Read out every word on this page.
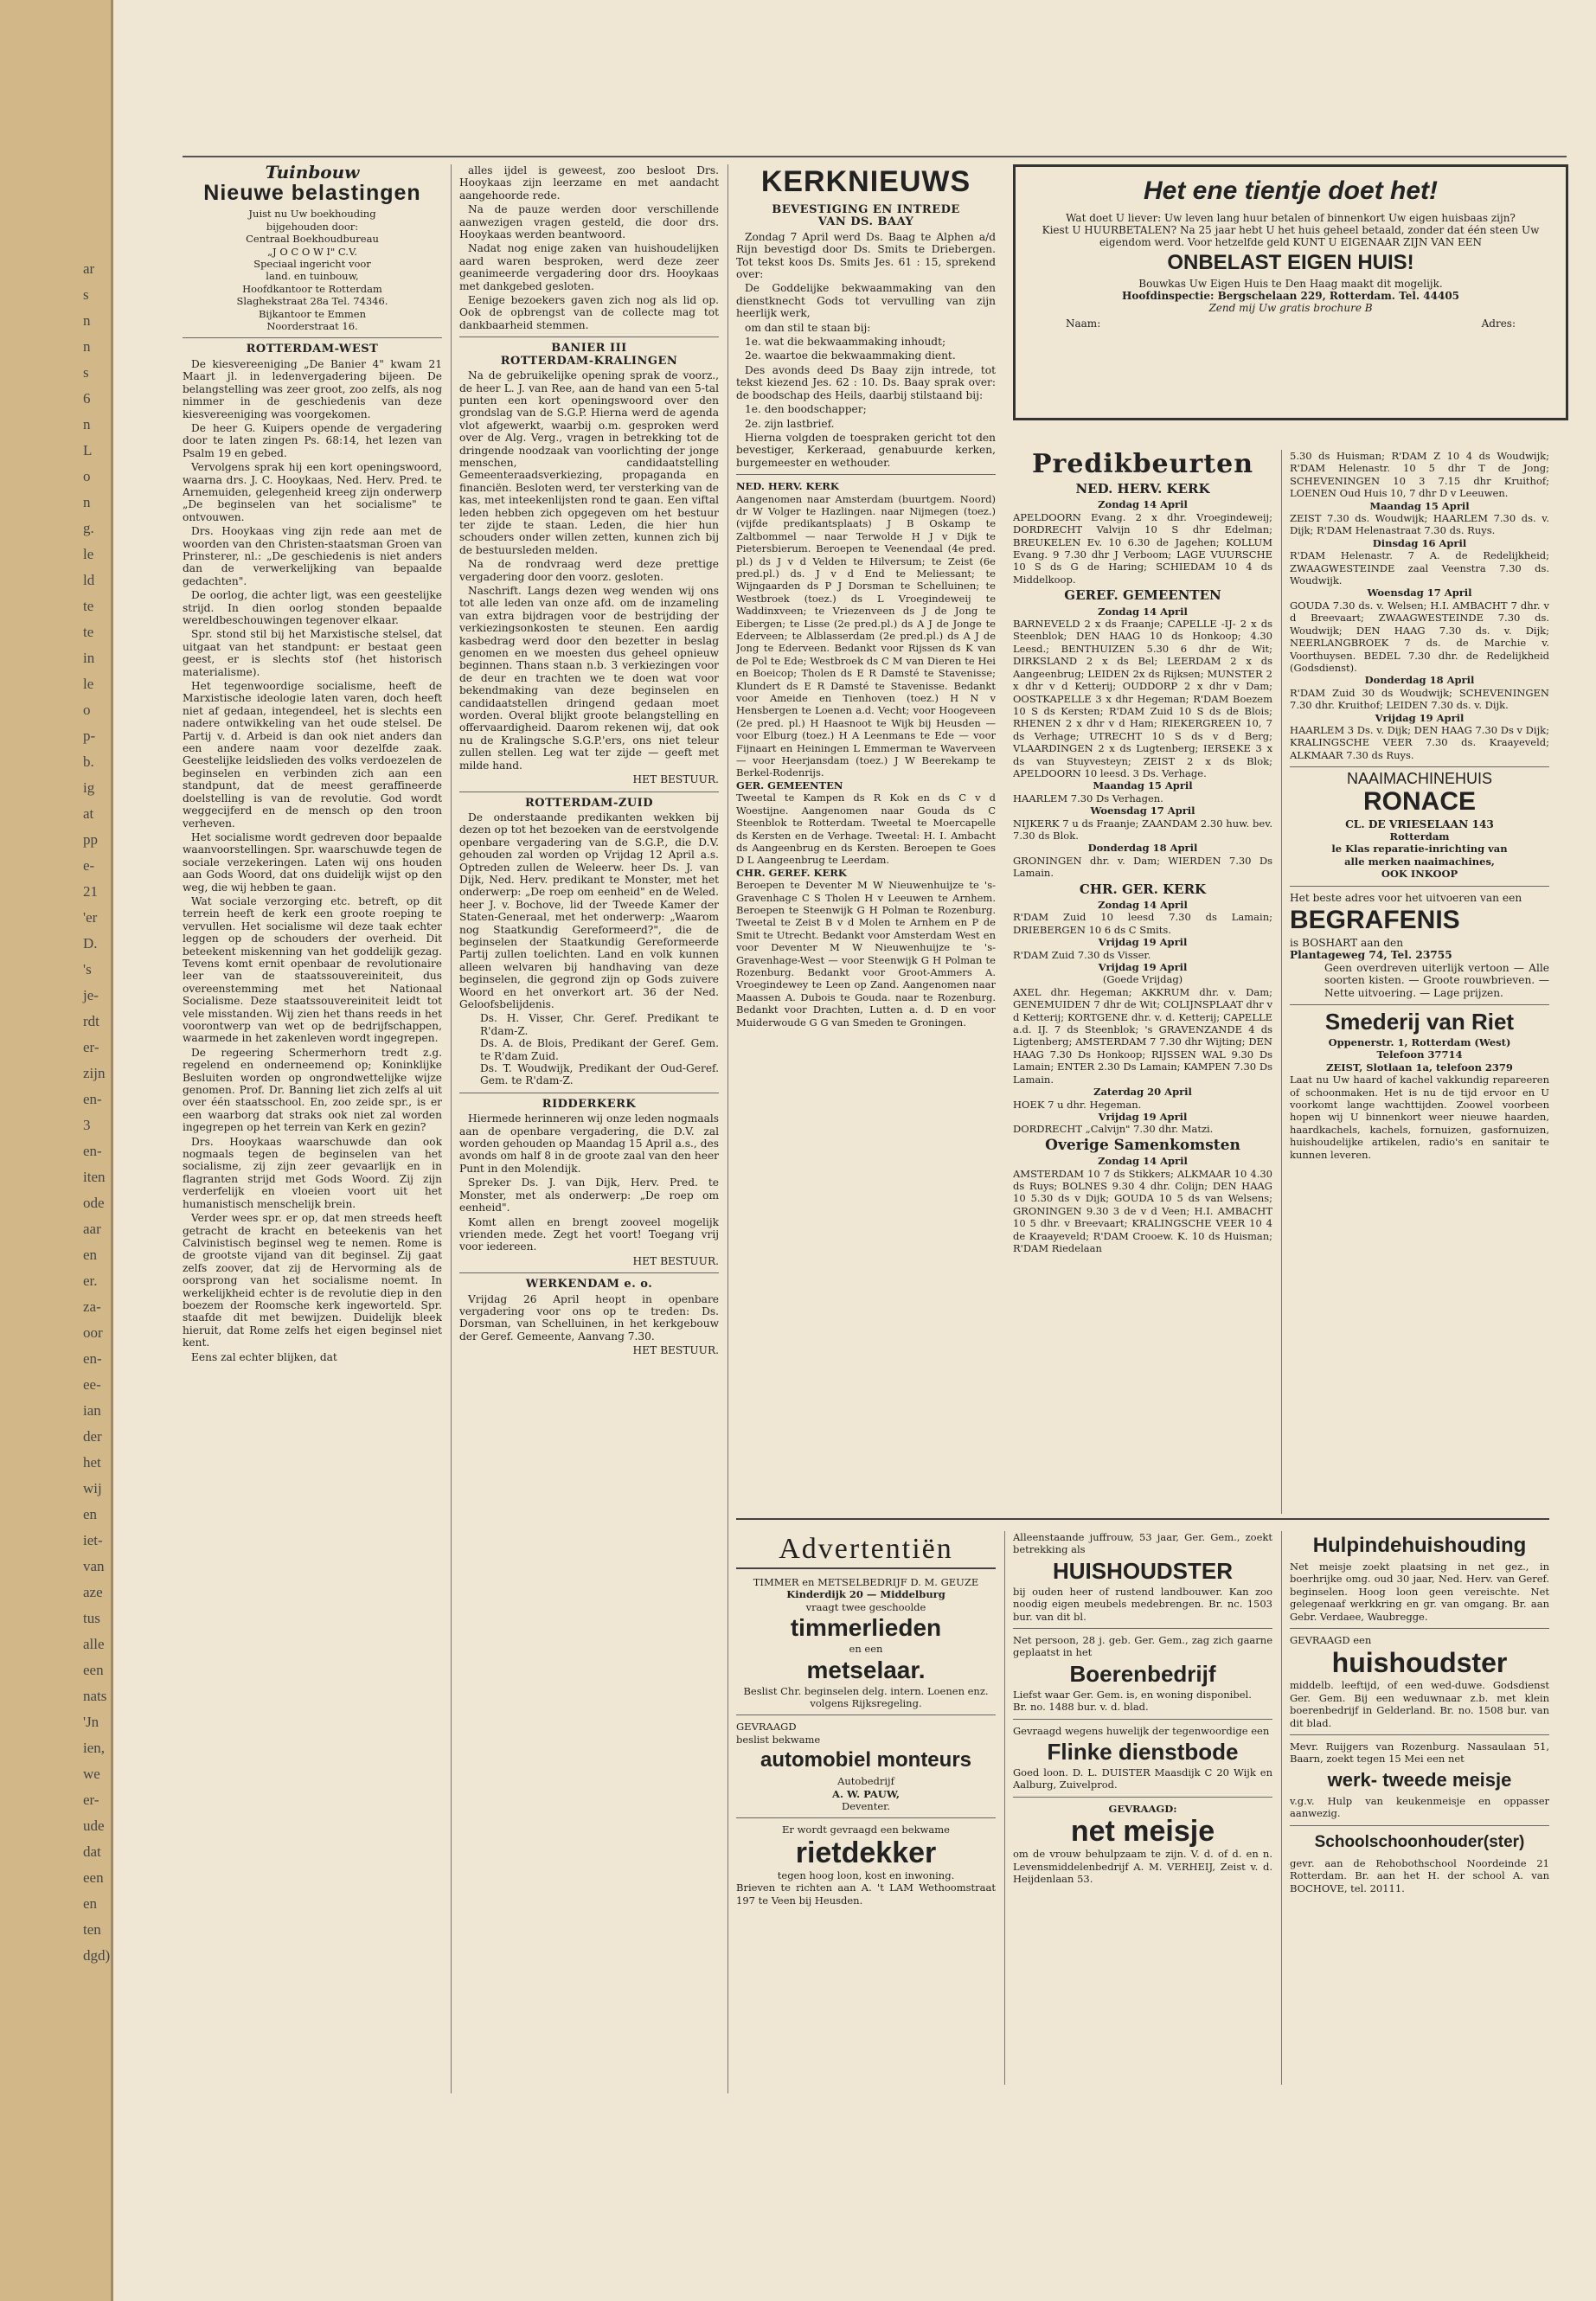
ar
s
n
n
s
6
n
L
o
n
g.
le
ld
te
te
in
le
o
p-
b.
ig
at
pp
e-
21
'er
D.
's
je-
rdt
er-
zijn
en-
3
en-
iten
ode
aar
en
er.
za-
oor
en-
ee-
ian
der
het
wij
en
iet-
van
aze
tus
alle
een
nats
'Jn
ien,
we
er-
ude
dat
een
en
ten
dgd)
Tuinbouw
Nieuwe belastingen
Juist nu Uw boekhouding
bijgehouden door:
Centraal Boekhoudbureau
„J O C O W I" C.V.
Speciaal ingericht voor
land. en tuinbouw,
Hoofdkantoor te Rotterdam
Slaghekstraat 28a Tel. 74346.
Bijkantoor te Emmen
Noorderstraat 16.
ROTTERDAM-WEST

De kiesvereeniging „De Banier 4" kwam 21 Maart jl. in ledenvergadering bijeen. De belangstelling was zeer groot, zoo zelfs, als nog nimmer in de geschiedenis van deze kiesvereeniging was voorgekomen.

De heer G. Kuipers opende de vergadering door te laten zingen Ps. 68:14, het lezen van Psalm 19 en gebed.

Vervolgens sprak hij een kort openingswoord, waarna drs. J. C. Hooykaas, Ned. Herv. Pred. te Arnemuiden, gelegenheid kreeg zijn onderwerp „De beginselen van het socialisme" te ontvouwen.

Drs. Hooykaas ving zijn rede aan met de woorden van den Christen-staatsman Groen van Prinsterer, nl.: „De geschiedenis is niet anders dan de verwerkelijking van bepaalde gedachten".

De oorlog, die achter ligt, was een geestelijke strijd. In dien oorlog stonden bepaalde wereldbeschouwingen tegenover elkaar.

Spr. stond stil bij het Marxistische stelsel, dat uitgaat van het standpunt: er bestaat geen geest, er is slechts stof (het historisch materialisme).

Het tegenwoordige socialisme, heeft de Marxistische ideologie laten varen, doch heeft niet af gedaan, integendeel, het is slechts een nadere ontwikkeling van het oude stelsel. De Partij v. d. Arbeid is dan ook niet anders dan een andere naam voor dezelfde zaak. Geestelijke leidslieden des volks verdoezelen de beginselen en verbinden zich aan een standpunt, dat de meest geraffineerde doelstelling is van de revolutie. God wordt weggecijferd en de mensch op den troon verheven.

Het socialisme wordt gedreven door bepaalde waanvoorstellingen. Spr. waarschuwde tegen de sociale verzekeringen. Laten wij ons houden aan Gods Woord, dat ons duidelijk wijst op den weg, die wij hebben te gaan.

Wat sociale verzorging etc. betreft, op dit terrein heeft de kerk een groote roeping te vervullen. Het socialisme wil deze taak echter leggen op de schouders der overheid. Dit beteekent miskenning van het goddelijk gezag. Tevens komt ernit openbaar de revolutionaire leer van de staatssouvereiniteit, dus overeenstemming met het Nationaal Socialisme. Deze staatssouvereiniteit leidt tot vele misstanden. Wij zien het thans reeds in het voorontwerp van wet op de bedrijfschappen, waarmede in het zakenleven wordt ingegrepen.

De regeering Schermerhorn tredt z.g. regelend en onderneemend op; Koninklijke Besluiten worden op ongrondwettelijke wijze genomen. Prof. Dr. Banning liet zich zelfs al uit over één staatsschool. En, zoo zeide spr., is er een waarborg dat straks ook niet zal worden ingegrepen op het terrein van Kerk en gezin?

Drs. Hooykaas waarschuwde dan ook nogmaals tegen de beginselen van het socialisme, zij zijn zeer gevaarlijk en in flagranten strijd met Gods Woord. Zij zijn verderfelijk en vloeien voort uit het humanistisch menschelijk brein.

Verder wees spr. er op, dat men streeds heeft getracht de kracht en beteekenis van het Calvinistisch beginsel weg te nemen. Rome is de grootste vijand van dit beginsel. Zij gaat zelfs zoover, dat zij de Hervorming als de oorsprong van het socialisme noemt. In werkelijkheid echter is de revolutie diep in den boezem der Roomsche kerk ingeworteld. Spr. staafde dit met bewijzen. Duidelijk bleek hieruit, dat Rome zelfs het eigen beginsel niet kent.

Eens zal echter blijken, dat

alles ijdel is geweest, zoo besloot Drs. Hooykaas zijn leerzame en met aandacht aangehoorde rede.

Na de pauze werden door verschillende aanwezigen vragen gesteld, die door drs. Hooykaas werden beantwoord.

Nadat nog enige zaken van huishoudelijken aard waren besproken, werd deze zeer geanimeerde vergadering door drs. Hooykaas met dankgebed gesloten.

Eenige bezoekers gaven zich nog als lid op. Ook de opbrengst van de collecte mag tot dankbaarheid stemmen.

BANIER III
ROTTERDAM-KRALINGEN

Na de gebruikelijke opening sprak de voorz., de heer L. J. van Ree, aan de hand van een 5-tal punten een kort openingswoord over den grondslag van de S.G.P. Hierna werd de agenda vlot afgewerkt, waarbij o.m. gesproken werd over de Alg. Verg., vragen in betrekking tot de dringende noodzaak van voorlichting der jonge menschen, candidaatstelling Gemeenteraadsverkiezing, propaganda en financiën. Besloten werd, ter versterking van de kas, met inteekenlijsten rond te gaan. Een viftal leden hebben zich opgegeven om het bestuur ter zijde te staan. Leden, die hier hun schouders onder willen zetten, kunnen zich bij de bestuursleden melden.

Na de rondvraag werd deze prettige vergadering door den voorz. gesloten.

Naschrift. Langs dezen weg wenden wij ons tot alle leden van onze afd. om de inzameling van extra bijdragen voor de bestrijding der verkiezingsonkosten te steunen. Een aardig kasbedrag werd door den bezetter in beslag genomen en we moesten dus geheel opnieuw beginnen. Thans staan n.b. 3 verkiezingen voor de deur en trachten we te doen wat voor bekendmaking van deze beginselen en candidaatstellen dringend gedaan moet worden. Overal blijkt groote belangstelling en offervaardigheid. Daarom rekenen wij, dat ook nu de Kralingsche S.G.P.'ers, ons niet teleur zullen stellen. Leg wat ter zijde — geeft met milde hand.

HET BESTUUR.
ROTTERDAM-ZUID

De onderstaande predikanten wekken bij dezen op tot het bezoeken van de eerstvolgende openbare vergadering van de S.G.P., die D.V. gehouden zal worden op Vrijdag 12 April a.s. Optreden zullen de Weleerw. heer Ds. J. van Dijk, Ned. Herv. predikant te Monster, met het onderwerp: „De roep om eenheid" en de Weled. heer J. v. Bochove, lid der Tweede Kamer der Staten-Generaal, met het onderwerp: „Waarom nog Staatkundig Gereformeerd?", die de beginselen der Staatkundig Gereformeerde Partij zullen toelichten. Land en volk kunnen alleen welvaren bij handhaving van deze beginselen, die gegrond zijn op Gods zuivere Woord en het onverkort art. 36 der Ned. Geloofsbelijdenis.

Ds. H. Visser, Chr. Geref. Predikant te R'dam-Z.
Ds. A. de Blois, Predikant der Geref. Gem. te R'dam Zuid.
Ds. T. Woudwijk, Predikant der Oud-Geref. Gem. te R'dam-Z.
RIDDERKERK

Hiermede herinneren wij onze leden nogmaals aan de openbare vergadering, die D.V. zal worden gehouden op Maandag 15 April a.s., des avonds om half 8 in de groote zaal van den heer Punt in den Molendijk.

Spreker Ds. J. van Dijk, Herv. Pred. te Monster, met als onderwerp: „De roep om eenheid".

Komt allen en brengt zooveel mogelijk vrienden mede. Zegt het voort! Toegang vrij voor iedereen.

HET BESTUUR.
WERKENDAM e. o.

Vrijdag 26 April heopt in openbare vergadering voor ons op te treden: Ds. Dorsman, van Schelluinen, in het kerkgebouw der Geref. Gemeente, Aanvang 7.30.

HET BESTUUR.
KERKNIEUWS
BEVESTIGING EN INTREDE
VAN DS. BAAY

Zondag 7 April werd Ds. Baag te Alphen a/d Rijn bevestigd door Ds. Smits te Driebergen. Tot tekst koos Ds. Smits Jes. 61 : 15, sprekend over:

De Goddelijke bekwaammaking van den dienstknecht Gods tot vervulling van zijn heerlijk werk,

om dan stil te staan bij:

1e. wat die bekwaammaking inhoudt;

2e. waartoe die bekwaammaking dient.

Des avonds deed Ds Baay zijn intrede, tot tekst kiezend Jes. 62 : 10. Ds. Baay sprak over: de boodschap des Heils, daarbij stilstaand bij:

1e. den boodschapper;

2e. zijn lastbrief.

Hierna volgden de toespraken gericht tot den bevestiger, Kerkeraad, genabuurde kerken, burgemeester en wethouder.

NED. HERV. KERK
Aangenomen naar Amsterdam (buurtgem. Noord) dr W Volger te Hazlingen. naar Nijmegen (toez.) (vijfde predikantsplaats) J B Oskamp te Zaltbommel — naar Terwolde H J v Dijk te Pietersbierum. Beroepen te Veenendaal (4e pred. pl.) ds J v d Velden te Hilversum; te Zeist (6e pred.pl.) ds. J v d End te Meliessant; te Wijngaarden ds P J Dorsman te Schelluinen; te Westbroek (toez.) ds L Vroegindeweij te Waddinxveen; te Vriezenveen ds J de Jong te Eibergen; te Lisse (2e pred.pl.) ds A J de Jonge te Ederveen; te Alblasserdam (2e pred.pl.) ds A J de Jong te Ederveen. Bedankt voor Rijssen ds K van de Pol te Ede; Westbroek ds C M van Dieren te Hei en Boeicop; Tholen ds E R Damsté te Stavenisse; Klundert ds E R Damsté te Stavenisse. Bedankt voor Ameide en Tienhoven (toez.) H N v Hensbergen te Loenen a.d. Vecht; voor Hoogeveen (2e pred. pl.) H Haasnoot te Wijk bij Heusden — voor Elburg (toez.) H A Leenmans te Ede — voor Fijnaart en Heiningen L Emmerman te Waverveen — voor Heerjansdam (toez.) J W Beerekamp te Berkel-Rodenrijs.
GER. GEMEENTEN
Tweetal te Kampen ds R Kok en ds C v d Woestijne. Aangenomen naar Gouda ds C Steenblok te Rotterdam. Tweetal te Moercapelle ds Kersten en de Verhage. Tweetal: H. I. Ambacht ds Aangeenbrug en ds Kersten. Beroepen te Goes D L Aangeenbrug te Leerdam.
CHR. GEREF. KERK
Beroepen te Deventer M W Nieuwenhuijze te 's-Gravenhage C S Tholen H v Leeuwen te Arnhem. Beroepen te Steenwijk G H Polman te Rozenburg. Tweetal te Zeist B v d Molen te Arnhem en P de Smit te Utrecht. Bedankt voor Amsterdam West en voor Deventer M W Nieuwenhuijze te 's-Gravenhage-West — voor Steenwijk G H Polman te Rozenburg. Bedankt voor Groot-Ammers A. Vroegindewey te Leen op Zand. Aangenomen naar Maassen A. Dubois te Gouda. naar te Rozenburg. Bedankt voor Drachten, Lutten a. d. D en voor Muiderwoude G G van Smeden te Groningen.
Het ene tientje doet het!
Wat doet U liever: Uw leven lang huur betalen of binnenkort Uw eigen huisbaas zijn?
Kiest U HUURBETALEN? Na 25 jaar hebt U het huis geheel betaald, zonder dat één steen Uw eigendom werd. Voor hetzelfde geld KUNT U EIGENAAR ZIJN VAN EEN
ONBELAST EIGEN HUIS!
Bouwkas Uw Eigen Huis te Den Haag maakt dit mogelijk.
Hoofdinspectie: Bergschelaan 229, Rotterdam. Tel. 44405
Zend mij Uw gratis brochure B
Naam:	Adres:
Predikbeurten
NED. HERV. KERK
Zondag 14 April
APELDOORN Evang. 2 x dhr. Vroegindeweij; DORDRECHT Valvijn 10 S dhr Edelman; BREUKELEN Ev. 10 6.30 de Jagehen; KOLLUM Evang. 9 7.30 dhr J Verboom; LAGE VUURSCHE 10 S ds G de Haring; SCHIEDAM 10 4 ds Middelkoop.
GEREF. GEMEENTEN
Zondag 14 April
BARNEVELD 2 x ds Fraanje; CAPELLE -IJ- 2 x ds Steenblok; DEN HAAG 10 ds Honkoop; 4.30 Leesd.; BENTHUIZEN 5.30 6 dhr de Wit; DIRKSLAND 2 x ds Bel; LEERDAM 2 x ds Aangeenbrug; LEIDEN 2x ds Rijksen; MUNSTER 2 x dhr v d Ketterij; OUDDORP 2 x dhr v Dam; OOSTKAPELLE 3 x dhr Hegeman; R'DAM Boezem 10 S ds Kersten; R'DAM Zuid 10 S ds de Blois; RHENEN 2 x dhr v d Ham; RIEKERGREEN 10, 7 ds Verhage; UTRECHT 10 S ds v d Berg; VLAARDINGEN 2 x ds Lugtenberg; IERSEKE 3 x ds van Stuyvesteyn; ZEIST 2 x ds Blok; APELDOORN 10 leesd. 3 Ds. Verhage.
Maandag 15 April
HAARLEM 7.30 Ds Verhagen.
Woensdag 17 April
NIJKERK 7 u ds Fraanje; ZAANDAM 2.30 huw. bev. 7.30 ds Blok.
Donderdag 18 April
GRONINGEN dhr. v. Dam; WIERDEN 7.30 Ds Lamain.
CHR. GER. KERK
Zondag 14 April
R'DAM Zuid 10 leesd 7.30 ds Lamain; DRIEBERGEN 10 6 ds C Smits.
Vrijdag 19 April
R'DAM Zuid 7.30 ds Visser.
Vrijdag 19 April
(Goede Vrijdag)
AXEL dhr. Hegeman; AKKRUM dhr. v. Dam; GENEMUIDEN 7 dhr de Wit; COLIJNSPLAAT dhr v d Ketterij; KORTGENE dhr. v. d. Ketterij; CAPELLE a.d. IJ. 7 ds Steenblok; 's GRAVENZANDE 4 ds Ligtenberg; AMSTERDAM 7 7.30 dhr Wijting; DEN HAAG 7.30 Ds Honkoop; RIJSSEN WAL 9.30 Ds Lamain; ENTER 2.30 Ds Lamain; KAMPEN 7.30 Ds Lamain.
Zaterdag 20 April
HOEK 7 u dhr. Hegeman.
Vrijdag 19 April
DORDRECHT „Calvijn" 7.30 dhr. Matzi.
Overige Samenkomsten
Zondag 14 April
AMSTERDAM 10 7 ds Stikkers; ALKMAAR 10 4.30 ds Ruys; BOLNES 9.30 4 dhr. Colijn; DEN HAAG 10 5.30 ds v Dijk; GOUDA 10 5 ds van Welsens; GRONINGEN 9.30 3 de v d Veen; H.I. AMBACHT 10 5 dhr. v Breevaart; KRALINGSCHE VEER 10 4 de Kraayeveld; R'DAM Crooew. K. 10 ds Huisman; R'DAM Riedelaan
5.30 ds Huisman; R'DAM Z 10 4 ds Woudwijk; R'DAM Helenastr. 10 5 dhr T de Jong; SCHEVENINGEN 10 3 7.15 dhr Kruithof; LOENEN Oud Huis 10, 7 dhr D v Leeuwen.
Maandag 15 April
ZEIST 7.30 ds. Woudwijk; HAARLEM 7.30 ds. v. Dijk; R'DAM Helenastraat 7.30 ds. Ruys.
Dinsdag 16 April
R'DAM Helenastr. 7 A. de Redelijkheid; ZWAAGWESTEINDE zaal Veenstra 7.30 ds. Woudwijk.
Woensdag 17 April
GOUDA 7.30 ds. v. Welsen; H.I. AMBACHT 7 dhr. v d Breevaart; ZWAAGWESTEINDE 7.30 ds. Woudwijk; DEN HAAG 7.30 ds. v. Dijk; NEERLANGBROEK 7 ds. de Marchie v. Voorthuysen. BEDEL 7.30 dhr. de Redelijkheid (Godsdienst).
Donderdag 18 April
R'DAM Zuid 30 ds Woudwijk; SCHEVENINGEN 7.30 dhr. Kruithof; LEIDEN 7.30 ds. v. Dijk.
Vrijdag 19 April
HAARLEM 3 Ds. v. Dijk; DEN HAAG 7.30 Ds v Dijk; KRALINGSCHE VEER 7.30 ds. Kraayeveld; ALKMAAR 7.30 ds Ruys.
NAAIMACHINEHUIS
RONACE
CL. DE VRIESELAAN 143
Rotterdam
le Klas reparatie-inrichting van
alle merken naaimachines,
OOK INKOOP
Het beste adres voor het uitvoeren van een
BEGRAFENIS
is BOSHART aan den
Plantageweg 74, Tel. 23755
Geen overdreven uiterlijk vertoon — Alle soorten kisten. — Groote rouwbrieven. — Nette uitvoering. — Lage prijzen.
Smederij van Riet
Oppenerstr. 1, Rotterdam (West)
Telefoon 37714
ZEIST, Slotlaan 1a, telefoon 2379
Laat nu Uw haard of kachel vakkundig repareeren of schoonmaken. Het is nu de tijd ervoor en U voorkomt lange wachttijden. Zoowel voorbeen hopen wij U binnenkort weer nieuwe haarden, haardkachels, kachels, fornuizen, gasfornuizen, huishoudelijke artikelen, radio's en sanitair te kunnen leveren.
Advertentiën
TIMMER en METSELBEDRIJF D. M. GEUZE
Kinderdijk 20 — Middelburg
vraagt twee geschoolde
timmerlieden
en een
metselaar.
Beslist Chr. beginselen delg. intern. Loenen enz. volgens Rijksregeling.
GEVRAAGD
beslist bekwame
automobiel monteurs
Autobedrijf
A. W. PAUW,
Deventer.
Er wordt gevraagd een bekwame
rietdekker
tegen hoog loon, kost en inwoning.
Brieven te richten aan A. 't LAM Wethoomstraat 197 te Veen bij Heusden.
Alleenstaande juffrouw, 53 jaar, Ger. Gem., zoekt betrekking als
HUISHOUDSTER
bij ouden heer of rustend landbouwer. Kan zoo noodig eigen meubels medebrengen. Br. nc. 1503 bur. van dit bl.
Net persoon, 28 j. geb. Ger. Gem., zag zich gaarne geplaatst in het
Boerenbedrijf
Liefst waar Ger. Gem. is, en woning disponibel.
Br. no. 1488 bur. v. d. blad.
Gevraagd wegens huwelijk der tegenwoordige een
Flinke dienstbode
Goed loon. D. L. DUISTER Maasdijk C 20 Wijk en Aalburg, Zuivelprod.
GEVRAAGD:
net meisje
om de vrouw behulpzaam te zijn. V. d. of d. en n. Levensmiddelenbedrijf A. M. VERHEIJ, Zeist v. d. Heijdenlaan 53.
Hulpindehuishouding
Net meisje zoekt plaatsing in net gez., in boerhrijke omg. oud 30 jaar, Ned. Herv. van Geref. beginselen. Hoog loon geen vereischte. Net gelegenaaf werkkring en gr. van omgang. Br. aan Gebr. Verdaee, Waubregge.
GEVRAAGD een
huishoudster
middelb. leeftijd, of een wed-duwe. Godsdienst Ger. Gem. Bij een weduwnaar z.b. met klein boerenbedrijf in Gelderland. Br. no. 1508 bur. van dit blad.
Mevr. Ruijgers van Rozenburg. Nassaulaan 51, Baarn, zoekt tegen 15 Mei een net
werk- tweede meisje
v.g.v. Hulp van keukenmeisje en oppasser aanwezig.
Schoolschoonhouder(ster)
gevr. aan de Rehobothschool Noordeinde 21 Rotterdam. Br. aan het H. der school A. van BOCHOVE, tel. 20111.
